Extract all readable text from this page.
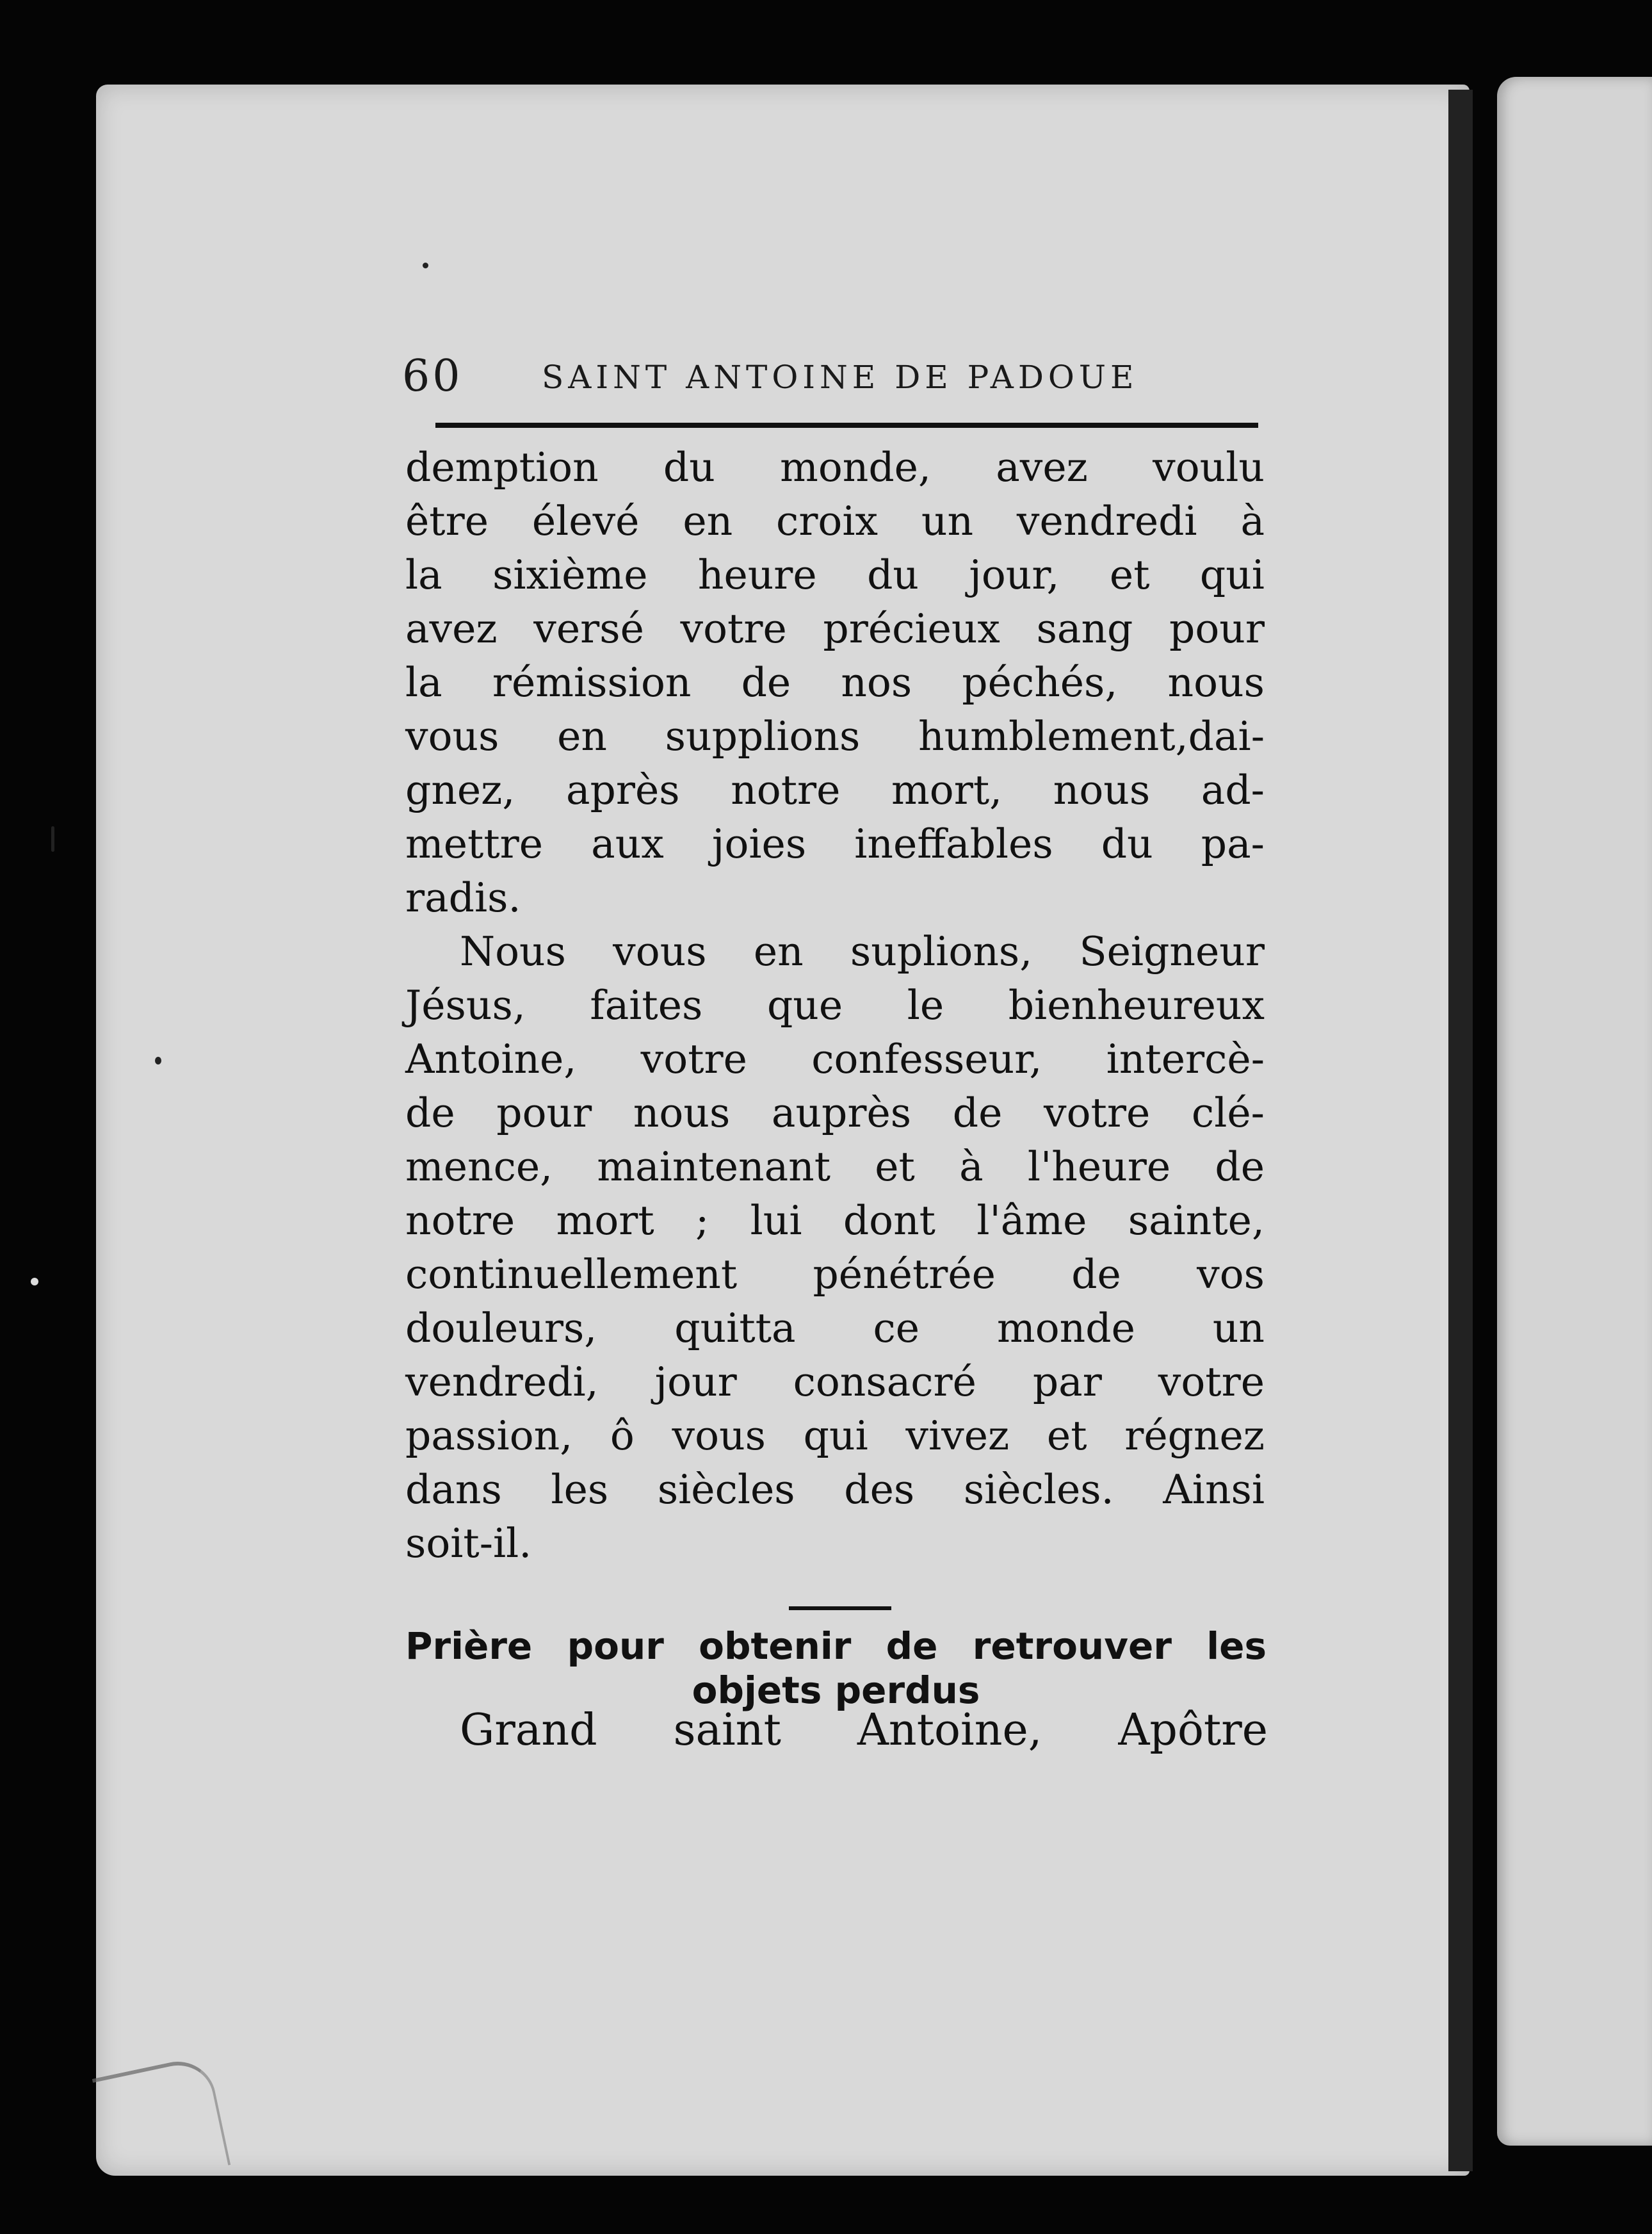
60 SAINT ANTOINE DE PADOUE
demption du monde, avez voulu
être élevé en croix un vendredi à
la sixième heure du jour, et qui
avez versé votre précieux sang pour
la rémission de nos péchés, nous
vous en supplions humblement,dai-
gnez, après notre mort, nous ad-
mettre aux joies ineffables du pa-
radis.
Nous vous en suplions, Seigneur
Jésus, faites que le bienheureux
Antoine, votre confesseur, intercè-
de pour nous auprès de votre clé-
mence, maintenant et à l'heure de
notre mort ; lui dont l'âme sainte,
continuellement pénétrée de vos
douleurs, quitta ce monde un
vendredi, jour consacré par votre
passion, ô vous qui vivez et régnez
dans les siècles des siècles. Ainsi
soit-il.
Prière pour obtenir de retrouver les
objets perdus
Grand saint Antoine, Apôtre
